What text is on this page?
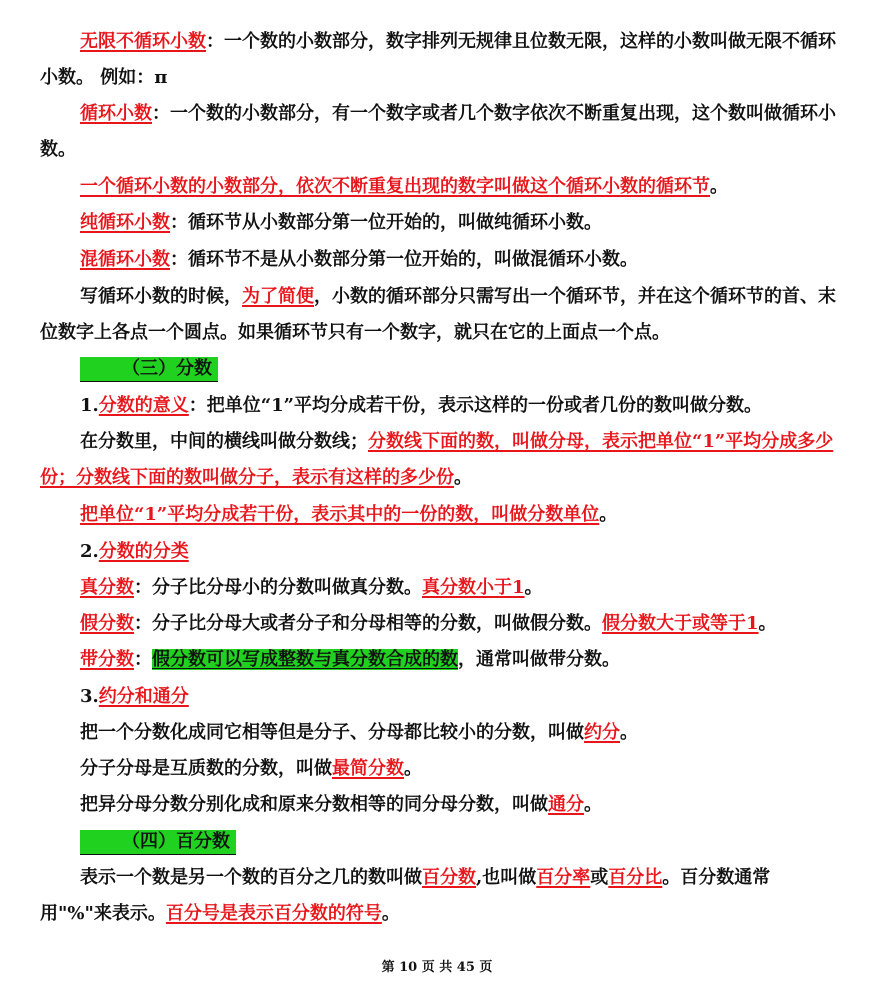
无限不循环小数：一个数的小数部分，数字排列无规律且位数无限，这样的小数叫做无限不循环小数。 例如：π

循环小数：一个数的小数部分，有一个数字或者几个数字依次不断重复出现，这个数叫做循环小数。

一个循环小数的小数部分，依次不断重复出现的数字叫做这个循环小数的循环节。

纯循环小数：循环节从小数部分第一位开始的，叫做纯循环小数。

混循环小数：循环节不是从小数部分第一位开始的，叫做混循环小数。

写循环小数的时候，为了简便，小数的循环部分只需写出一个循环节，并在这个循环节的首、末位数字上各点一个圆点。如果循环节只有一个数字，就只在它的上面点一个点。

（三）分数

1.分数的意义：把单位“1”平均分成若干份，表示这样的一份或者几份的数叫做分数。

在分数里，中间的横线叫做分数线；分数线下面的数，叫做分母，表示把单位“1”平均分成多少份；分数线下面的数叫做分子，表示有这样的多少份。

把单位“1”平均分成若干份，表示其中的一份的数，叫做分数单位。

2.分数的分类

真分数：分子比分母小的分数叫做真分数。真分数小于1。

假分数：分子比分母大或者分子和分母相等的分数，叫做假分数。假分数大于或等于1。

带分数：假分数可以写成整数与真分数合成的数，通常叫做带分数。

3.约分和通分

把一个分数化成同它相等但是分子、分母都比较小的分数，叫做约分。

分子分母是互质数的分数，叫做最简分数。

把异分母分数分别化成和原来分数相等的同分母分数，叫做通分。

（四）百分数

表示一个数是另一个数的百分之几的数叫做百分数,也叫做百分率或百分比。百分数通常用"%"来表示。百分号是表示百分数的符号。

第 10 页 共 45 页
